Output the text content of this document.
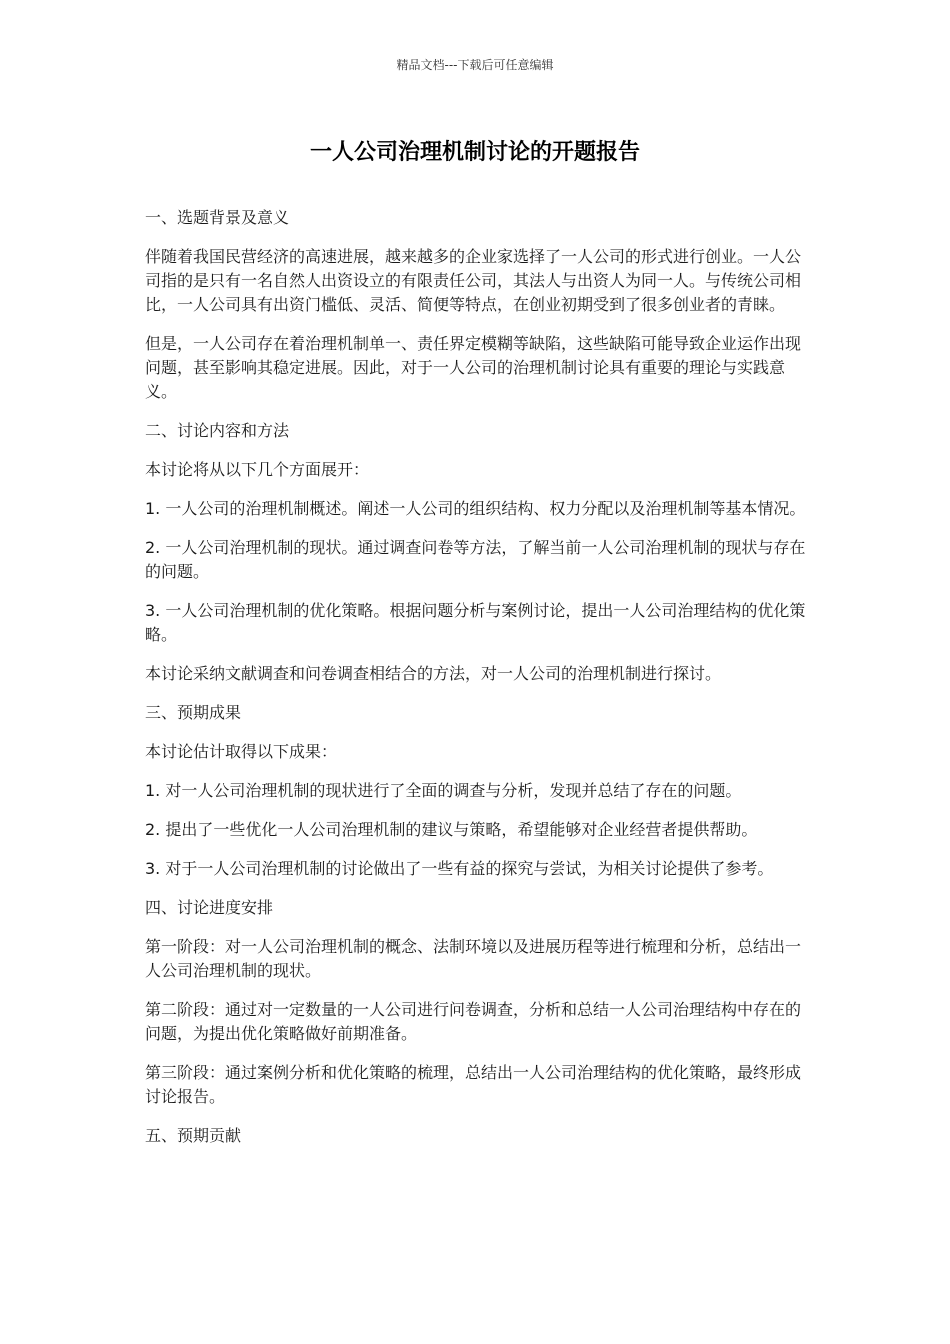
精品文档---下载后可任意编辑
一人公司治理机制讨论的开题报告

一、选题背景及意义

伴随着我国民营经济的高速进展，越来越多的企业家选择了一人公司的形式进行创业。一人公司指的是只有一名自然人出资设立的有限责任公司，其法人与出资人为同一人。与传统公司相比，一人公司具有出资门槛低、灵活、简便等特点，在创业初期受到了很多创业者的青睐。

但是，一人公司存在着治理机制单一、责任界定模糊等缺陷，这些缺陷可能导致企业运作出现问题，甚至影响其稳定进展。因此，对于一人公司的治理机制讨论具有重要的理论与实践意义。

二、讨论内容和方法

本讨论将从以下几个方面展开：

1. 一人公司的治理机制概述。阐述一人公司的组织结构、权力分配以及治理机制等基本情况。

2. 一人公司治理机制的现状。通过调查问卷等方法，了解当前一人公司治理机制的现状与存在的问题。

3. 一人公司治理机制的优化策略。根据问题分析与案例讨论，提出一人公司治理结构的优化策略。

本讨论采纳文献调查和问卷调查相结合的方法，对一人公司的治理机制进行探讨。

三、预期成果

本讨论估计取得以下成果：

1. 对一人公司治理机制的现状进行了全面的调查与分析，发现并总结了存在的问题。

2. 提出了一些优化一人公司治理机制的建议与策略，希望能够对企业经营者提供帮助。

3. 对于一人公司治理机制的讨论做出了一些有益的探究与尝试，为相关讨论提供了参考。

四、讨论进度安排

第一阶段：对一人公司治理机制的概念、法制环境以及进展历程等进行梳理和分析，总结出一人公司治理机制的现状。

第二阶段：通过对一定数量的一人公司进行问卷调查，分析和总结一人公司治理结构中存在的问题，为提出优化策略做好前期准备。

第三阶段：通过案例分析和优化策略的梳理，总结出一人公司治理结构的优化策略，最终形成讨论报告。

五、预期贡献
